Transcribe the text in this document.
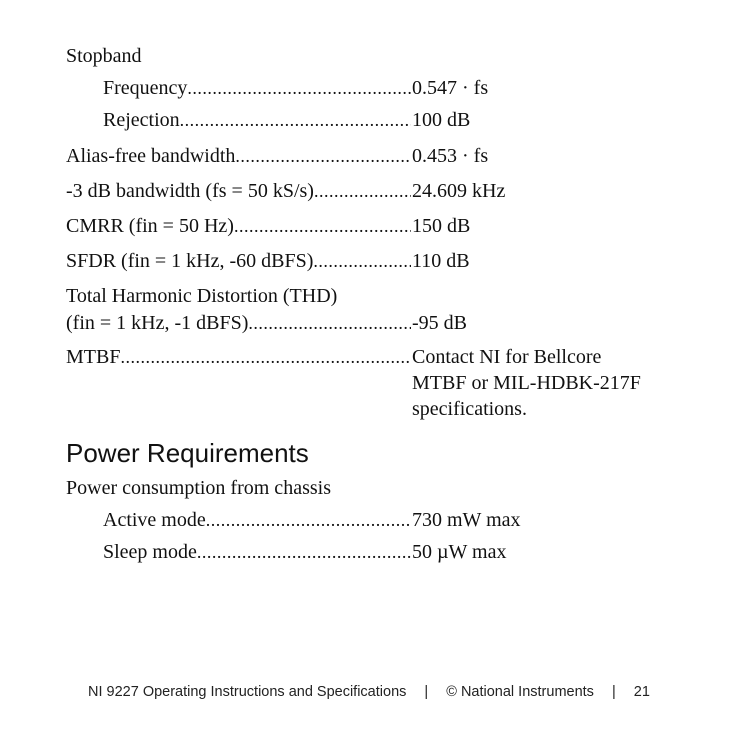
Stopband
Frequency .....	0.547 · fs
Rejection .....	100 dB
Alias-free bandwidth .....	0.453 · fs
-3 dB bandwidth (fs = 50 kS/s) .....	24.609 kHz
CMRR (fin = 50 Hz) .....	150 dB
SFDR (fin = 1 kHz, -60 dBFS) .....	110 dB
Total Harmonic Distortion (THD)
(fin = 1 kHz, -1 dBFS) .....	-95 dB
MTBF .....	Contact NI for Bellcore
MTBF or MIL-HDBK-217F
specifications.
Power Requirements
Power consumption from chassis
Active mode .....	730 mW max
Sleep mode .....	50 µW max
NI 9227 Operating Instructions and Specifications | © National Instruments | 21
